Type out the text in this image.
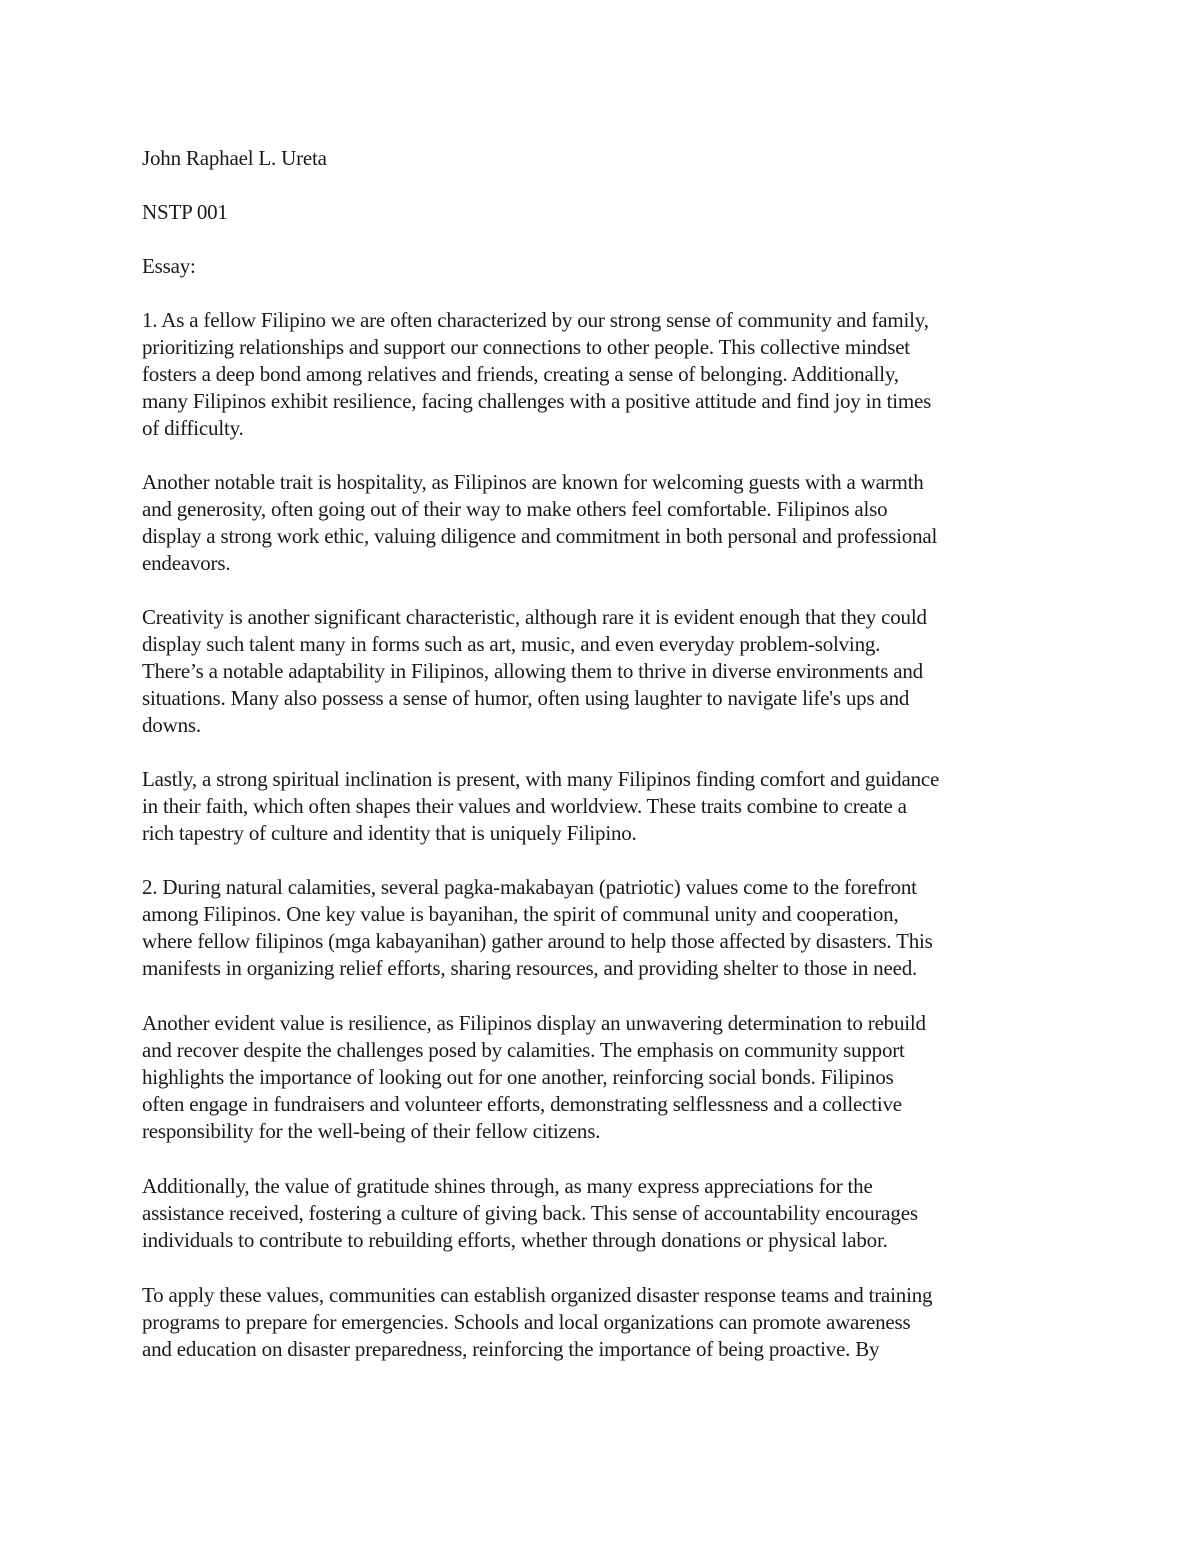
John Raphael L. Ureta
NSTP 001
Essay:
1. As a fellow Filipino we are often characterized by our strong sense of community and family,
prioritizing relationships and support our connections to other people. This collective mindset
fosters a deep bond among relatives and friends, creating a sense of belonging. Additionally,
many Filipinos exhibit resilience, facing challenges with a positive attitude and find joy in times
of difficulty.
Another notable trait is hospitality, as Filipinos are known for welcoming guests with a warmth
and generosity, often going out of their way to make others feel comfortable. Filipinos also
display a strong work ethic, valuing diligence and commitment in both personal and professional
endeavors.
Creativity is another significant characteristic, although rare it is evident enough that they could
display such talent many in forms such as art, music, and even everyday problem-solving.
There’s a notable adaptability in Filipinos, allowing them to thrive in diverse environments and
situations. Many also possess a sense of humor, often using laughter to navigate life's ups and
downs.
Lastly, a strong spiritual inclination is present, with many Filipinos finding comfort and guidance
in their faith, which often shapes their values and worldview. These traits combine to create a
rich tapestry of culture and identity that is uniquely Filipino.
2. During natural calamities, several pagka-makabayan (patriotic) values come to the forefront
among Filipinos. One key value is bayanihan, the spirit of communal unity and cooperation,
where fellow filipinos (mga kabayanihan) gather around to help those affected by disasters. This
manifests in organizing relief efforts, sharing resources, and providing shelter to those in need.
Another evident value is resilience, as Filipinos display an unwavering determination to rebuild
and recover despite the challenges posed by calamities. The emphasis on community support
highlights the importance of looking out for one another, reinforcing social bonds. Filipinos
often engage in fundraisers and volunteer efforts, demonstrating selflessness and a collective
responsibility for the well-being of their fellow citizens.
Additionally, the value of gratitude shines through, as many express appreciations for the
assistance received, fostering a culture of giving back. This sense of accountability encourages
individuals to contribute to rebuilding efforts, whether through donations or physical labor.
To apply these values, communities can establish organized disaster response teams and training
programs to prepare for emergencies. Schools and local organizations can promote awareness
and education on disaster preparedness, reinforcing the importance of being proactive. By
